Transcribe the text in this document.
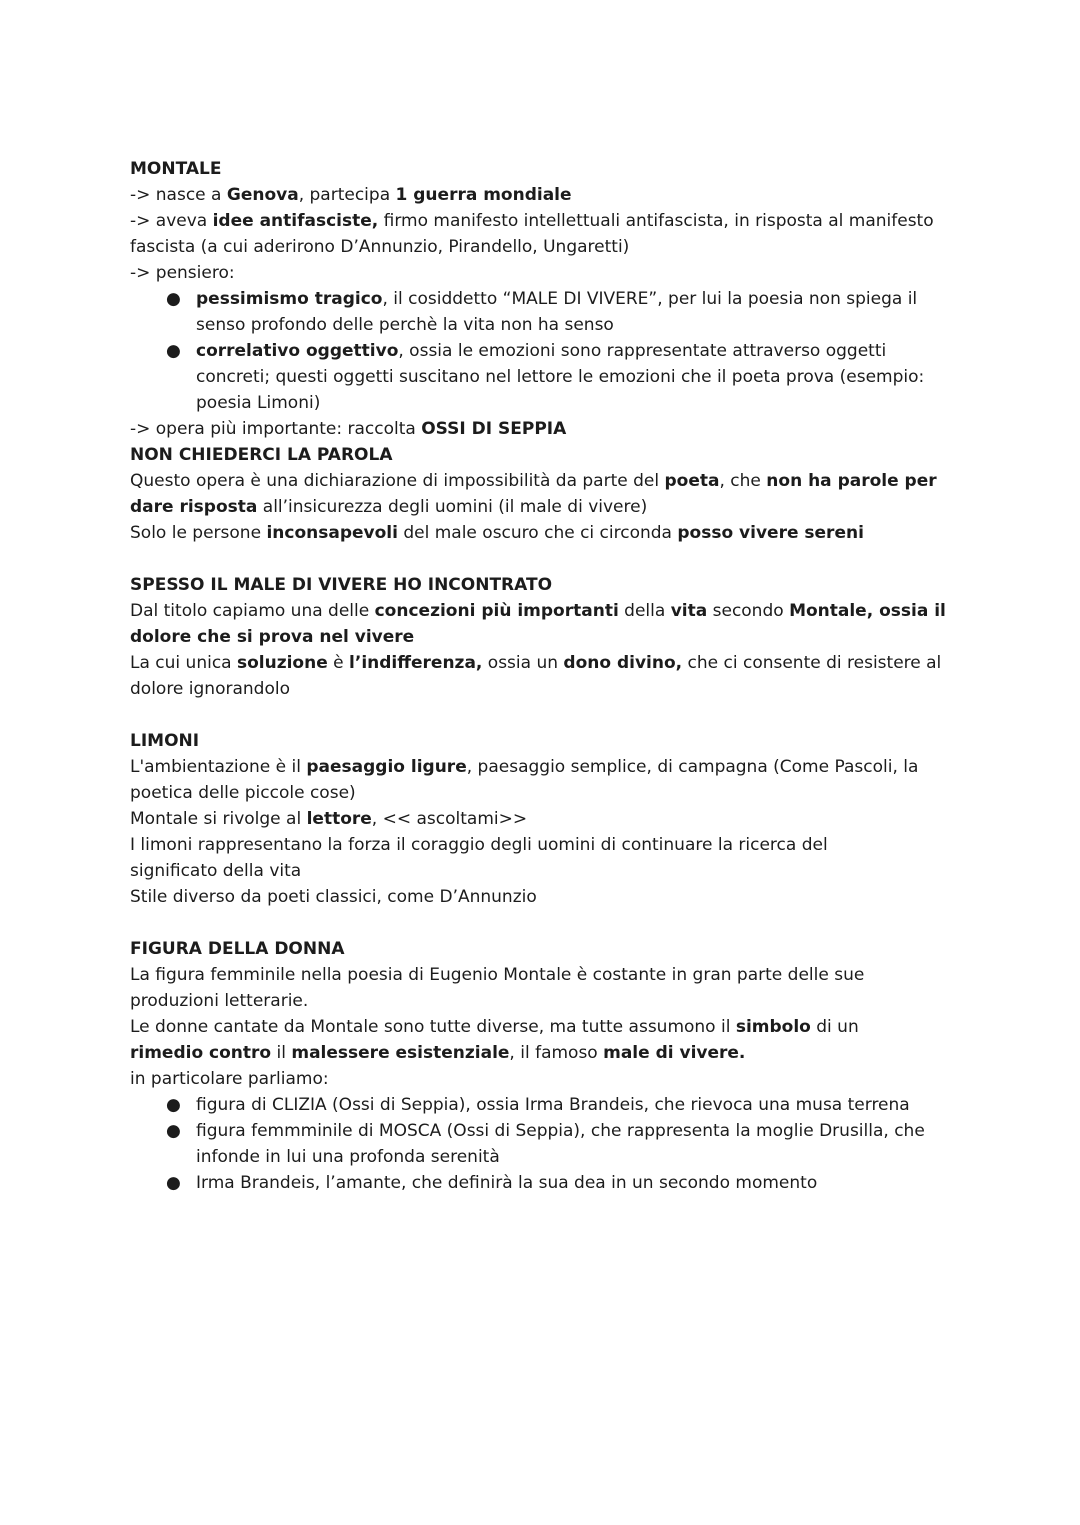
MONTALE
-> nasce a Genova, partecipa 1 guerra mondiale
-> aveva idee antifasciste, firmo manifesto intellettuali antifascista, in risposta al manifesto
fascista (a cui aderirono D’Annunzio, Pirandello, Ungaretti)
-> pensiero:
● pessimismo tragico, il cosiddetto “MALE DI VIVERE”, per lui la poesia non spiega il
senso profondo delle perchè la vita non ha senso
● correlativo oggettivo, ossia le emozioni sono rappresentate attraverso oggetti
concreti; questi oggetti suscitano nel lettore le emozioni che il poeta prova (esempio:
poesia Limoni)
-> opera più importante: raccolta OSSI DI SEPPIA
NON CHIEDERCI LA PAROLA
Questo opera è una dichiarazione di impossibilità da parte del poeta, che non ha parole per
dare risposta all’insicurezza degli uomini (il male di vivere)
Solo le persone inconsapevoli del male oscuro che ci circonda posso vivere sereni
SPESSO IL MALE DI VIVERE HO INCONTRATO
Dal titolo capiamo una delle concezioni più importanti della vita secondo Montale, ossia il
dolore che si prova nel vivere
La cui unica soluzione è l’indifferenza, ossia un dono divino, che ci consente di resistere al
dolore ignorandolo
LIMONI
L'ambientazione è il paesaggio ligure, paesaggio semplice, di campagna (Come Pascoli, la
poetica delle piccole cose)
Montale si rivolge al lettore, << ascoltami>>
I limoni rappresentano la forza il coraggio degli uomini di continuare la ricerca del
significato della vita
Stile diverso da poeti classici, come D’Annunzio
FIGURA DELLA DONNA
La figura femminile nella poesia di Eugenio Montale è costante in gran parte delle sue
produzioni letterarie.
Le donne cantate da Montale sono tutte diverse, ma tutte assumono il simbolo di un
rimedio contro il malessere esistenziale, il famoso male di vivere.
in particolare parliamo:
● figura di CLIZIA (Ossi di Seppia), ossia Irma Brandeis, che rievoca una musa terrena
● figura femmminile di MOSCA (Ossi di Seppia), che rappresenta la moglie Drusilla, che
infonde in lui una profonda serenità
● Irma Brandeis, l’amante, che definirà la sua dea in un secondo momento
